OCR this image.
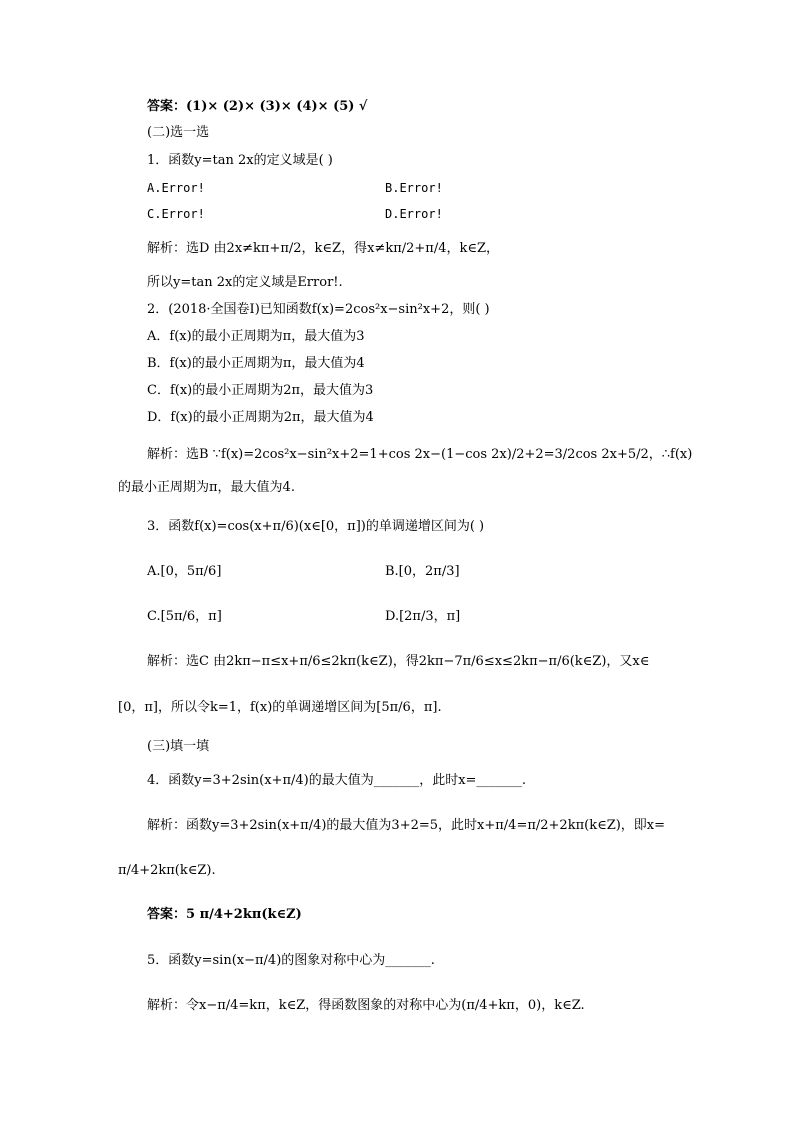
答案：(1)× (2)× (3)× (4)× (5) √
(二)选一选
1．函数y=tan 2x的定义域是( )
A.Error!	B.Error!
C.Error!	D.Error!
解析：选D 由2x≠kπ+π/2，k∈Z，得x≠kπ/2+π/4，k∈Z，
所以y=tan 2x的定义域是Error!.
2．(2018·全国卷Ⅰ)已知函数f(x)=2cos²x−sin²x+2，则( )
A．f(x)的最小正周期为π，最大值为3
B．f(x)的最小正周期为π，最大值为4
C．f(x)的最小正周期为2π，最大值为3
D．f(x)的最小正周期为2π，最大值为4
解析：选B ∵f(x)=2cos²x−sin²x+2=1+cos 2x−(1−cos 2x)/2+2=3/2cos 2x+5/2，∴f(x)
的最小正周期为π，最大值为4.
3．函数f(x)=cos(x+π/6)(x∈[0，π])的单调递增区间为( )
A.[0，5π/6]	B.[0，2π/3]
C.[5π/6，π]	D.[2π/3，π]
解析：选C 由2kπ−π≤x+π/6≤2kπ(k∈Z)，得2kπ−7π/6≤x≤2kπ−π/6(k∈Z)，又x∈
[0，π]，所以令k=1，f(x)的单调递增区间为[5π/6，π].
(三)填一填
4．函数y=3+2sin(x+π/4)的最大值为_______，此时x=_______.
解析：函数y=3+2sin(x+π/4)的最大值为3+2=5，此时x+π/4=π/2+2kπ(k∈Z)，即x=
π/4+2kπ(k∈Z).
答案：5 π/4+2kπ(k∈Z)
5．函数y=sin(x−π/4)的图象对称中心为_______.
解析：令x−π/4=kπ，k∈Z，得函数图象的对称中心为(π/4+kπ，0)，k∈Z.
